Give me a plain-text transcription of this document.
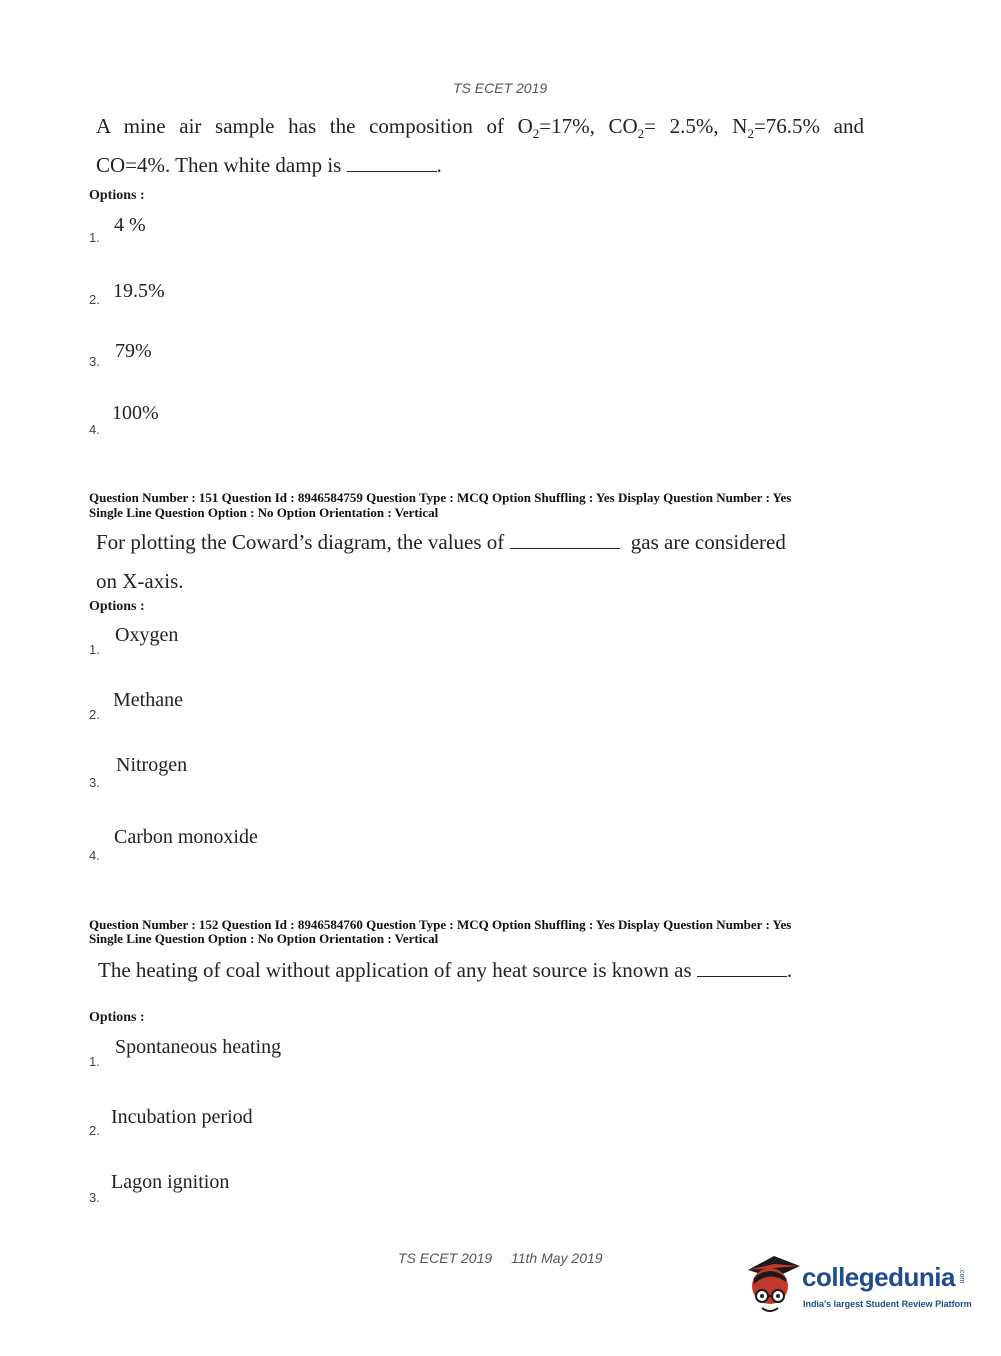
TS ECET 2019
A mine air sample has the composition of $O_2=17\%$, $CO_2= 2.5\%$, $N_2=76.5\%$ and
CO=4%. Then white damp is	.
Options :
1.
4 %
2. 19.5%
3. 79%
4.
100%
Question Number : 151 Question Id : 8946584759 Question Type : MCQ Option Shuffling : Yes Display Question Number : Yes
Single Line Question Option : No Option Orientation : Vertical
For plotting the Coward’s diagram, the values of	gas are considered
on X-axis.
Options :
1.
Oxygen
2.
Methane
3.
Nitrogen
4.
Carbon monoxide
Question Number : 152 Question Id : 8946584760 Question Type : MCQ Option Shuffling : Yes Display Question Number : Yes
Single Line Question Option : No Option Orientation : Vertical
The heating of coal without application of any heat source is known as	.
Options :
1.
Spontaneous heating
2.
Incubation period
3.
Lagon ignition
TS ECET 2019 11th May 2019
collegedunia .com
India's largest Student Review Platform
